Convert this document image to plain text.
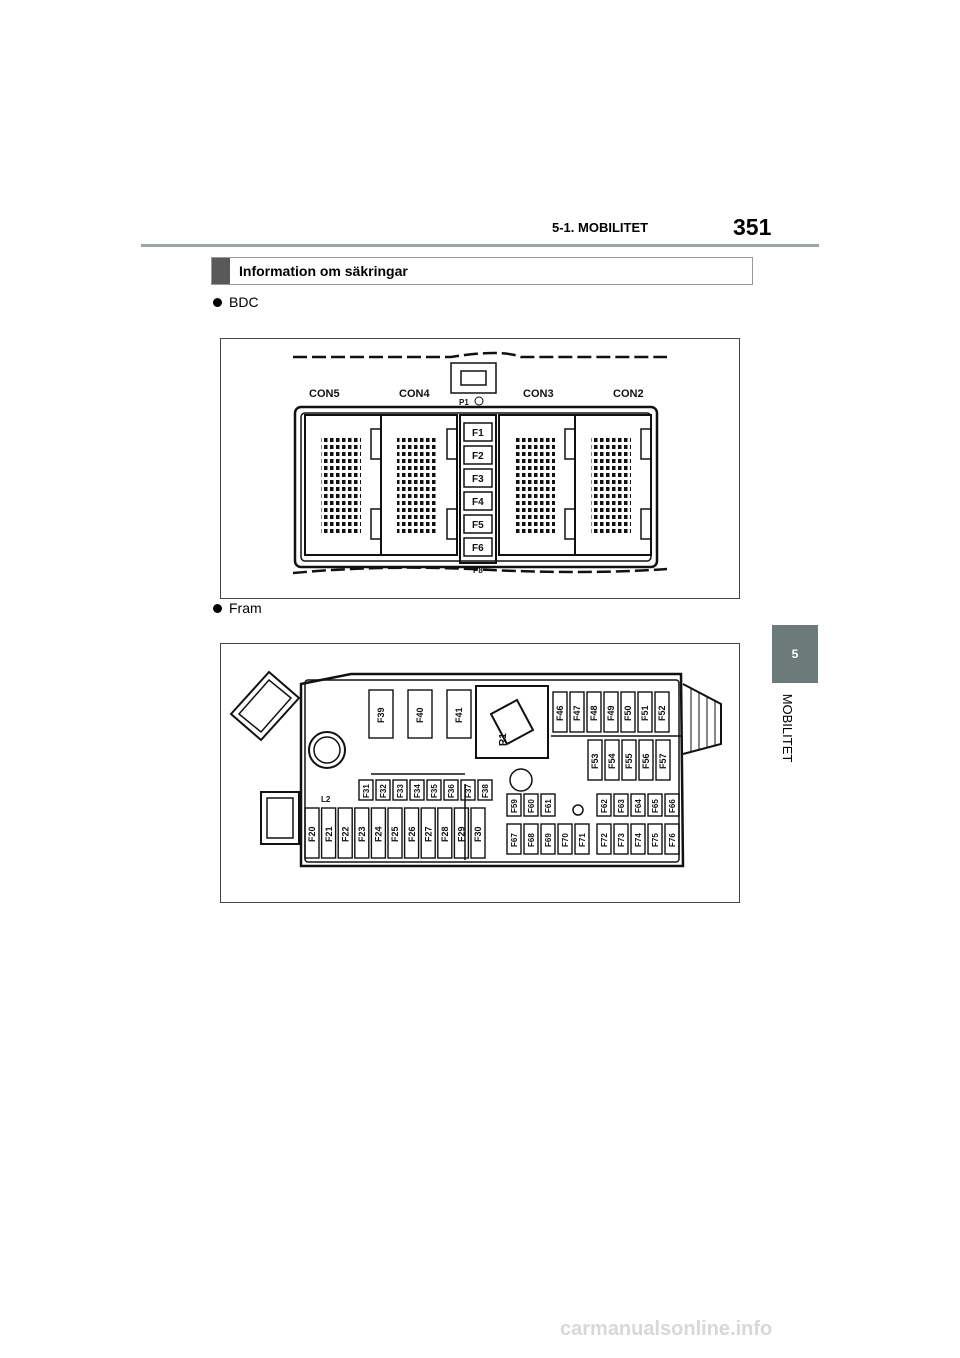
5-1. MOBILITET	351
5
MOBILITET
Information om säkringar
BDC
CON5	CON4	CON3	CON2
P1
P8
F1
F2
F3
F4
F5
F6
Fram
F39	F40	F41	F46 F47 F48 F49 F50 F51 F52
F53 F54 F55 F56 F57
F31 F32 F33 F34 F35 F36 F37 F38
F20 F21 F22 F23 F24 F25 F26 F27 F28 F29 F30
F59 F60 F61
F67 F68 F69 F70 F71
F62 F63 F64 F65 F66
F72 F73 F74 F75 F76
L2
R1
carmanualsonline.info
